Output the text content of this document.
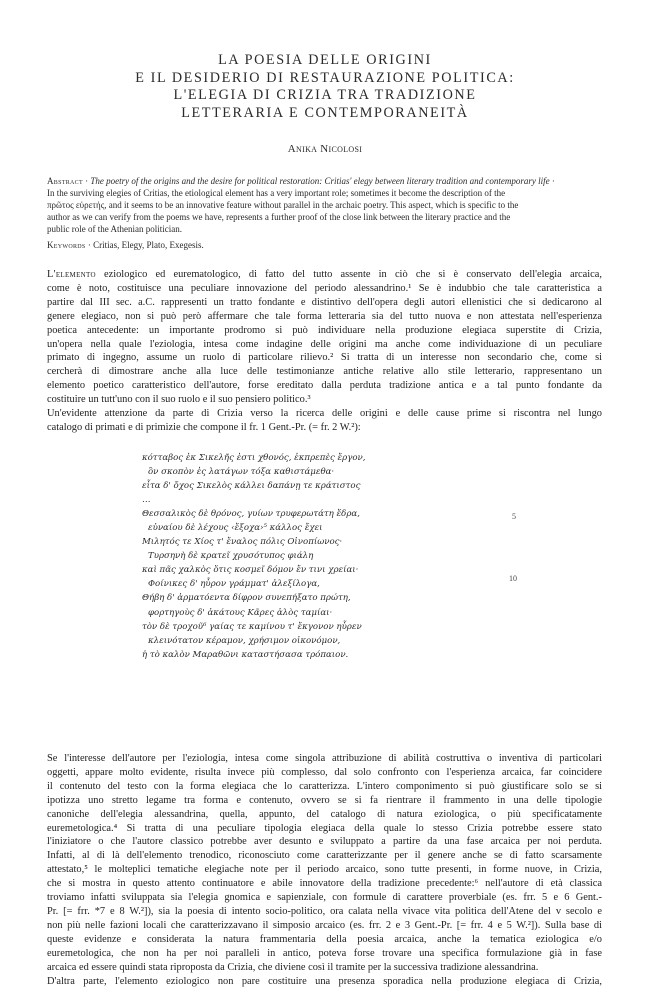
LA POESIA DELLE ORIGINI
E IL DESIDERIO DI RESTAURAZIONE POLITICA:
L'ELEGIA DI CRIZIA TRA TRADIZIONE
LETTERARIA E CONTEMPORANEITÀ
Anika Nicolosi
Abstract · The poetry of the origins and the desire for political restoration: Critias' elegy between literary tradition and contemporary life ·
In the surviving elegies of Critias, the etiological element has a very important role; sometimes it become the description of the
πρῶτος εὑρετής, and it seems to be an innovative feature without parallel in the archaic poetry. This aspect, which is specific to the
author as we can verify from the poems we have, represents a further proof of the close link between the literary practice and the
public role of the Athenian politician.
Keywords · Critias, Elegy, Plato, Exegesis.
L'elemento eziologico ed eurematologico, di fatto del tutto assente in ciò che si è conservato dell'elegia arcaica,
come è noto, costituisce una peculiare innovazione del periodo alessandrino.¹ Se è indubbio che tale caratteristica a
partire dal III sec. a.C. rappresenti un tratto fondante e distintivo dell'opera degli autori ellenistici che si dedicarono al
genere elegiaco, non si può però affermare che tale forma letteraria sia del tutto nuova e non attestata nell'esperienza
poetica antecedente: un importante prodromo si può individuare nella produzione elegiaca superstite di Crizia,
un'opera nella quale l'eziologia, intesa come indagine delle origini ma anche come individuazione di un peculiare
primato di ingegno, assume un ruolo di particolare rilievo.² Si tratta di un interesse non secondario che, come si
cercherà di dimostrare anche alla luce delle testimonianze antiche relative allo stile letterario, rappresentano un
elemento poetico caratteristico dell'autore, forse ereditato dalla perduta tradizione antica e a tal punto fondante da
costituire un tutt'uno con il suo ruolo e il suo pensiero politico.³
Un'evidente attenzione da parte di Crizia verso la ricerca delle origini e delle cause prime si riscontra nel lungo
catalogo di primati e di primizie che compone il fr. 1 Gent.-Pr. (= fr. 2 W.²):
κότταβος ἐκ Σικελῆς ἐστι χθονός, ἐκπρεπὲς ἔργον,
ὃν σκοπὸν ἐς λατάγων τόξα καθιστάμεθα·
εἶτα δ' ὄχος Σικελὸς κάλλει δαπάνῃ τε κράτιστος
…
Θεσσαλικὸς δὲ θρόνος, γυίων τρυφερωτάτη ἕδρα,
εὐναίου δὲ λέχους ‹ἔξοχα›⁵ κάλλος ἔχει
Μιλητός τε Χίος τ' ἔναλος πόλις Οἰνοπίωνος·
Τυρσηνὴ δὲ κρατεῖ χρυσότυπος φιάλη
καὶ πᾶς χαλκὸς ὅτις κοσμεῖ δόμον ἔν τινι χρείαι·
Φοίνικες δ' ηὗρον γράμματ' ἀλεξίλογα,
Θήβη δ' ἁρματόεντα δίφρον συνεπήξατο πρώτη,
φορτηγοὺς δ' ἀκάτους Κᾶρες ἁλὸς ταμίαι·
τὸν δὲ τροχοῦ⁶ γαίας τε καμίνου τ' ἔκγονον ηὗρεν
κλεινότατον κέραμον, χρήσιμον οἰκονόμον,
ἡ τὸ καλὸν Μαραθῶνι καταστήσασα τρόπαιον.
5
10
Se l'interesse dell'autore per l'eziologia, intesa come singola attribuzione di abilità costruttiva o inventiva di particolari
oggetti, appare molto evidente, risulta invece più complesso, dal solo confronto con l'esperienza arcaica, far coincidere
il contenuto del testo con la forma elegiaca che lo caratterizza. L'intero componimento si può giustificare solo se si
ipotizza uno stretto legame tra forma e contenuto, ovvero se si fa rientrare il frammento in una delle tipologie
canoniche dell'elegia alessandrina, quella, appunto, del catalogo di natura eziologica, o più specificatamente
euremetologica.⁴ Si tratta di una peculiare tipologia elegiaca della quale lo stesso Crizia potrebbe essere stato
l'iniziatore o che l'autore classico potrebbe aver desunto e sviluppato a partire da una fase arcaica per noi perduta.
Infatti, al di là dell'elemento trenodico, riconosciuto come caratterizzante per il genere anche se di fatto scarsamente
attestato,⁵ le molteplici tematiche elegiache note per il periodo arcaico, sono tutte presenti, in forme nuove, in Crizia,
che si mostra in questo attento continuatore e abile innovatore della tradizione precedente:⁶ nell'autore di età classica
troviamo infatti sviluppata sia l'elegia gnomica e sapienziale, con formule di carattere proverbiale (es. frr. 5 e 6 Gent.-
Pr. [= frr. *7 e 8 W.²]), sia la poesia di intento socio-politico, ora calata nella vivace vita politica dell'Atene del v secolo e
non più nelle fazioni locali che caratterizzavano il simposio arcaico (es. frr. 2 e 3 Gent.-Pr. [= frr. 4 e 5 W.²]). Sulla base di
queste evidenze e considerata la natura frammentaria della poesia arcaica, anche la tematica eziologica e/o
euremetologica, che non ha per noi paralleli in antico, poteva forse trovare una specifica formulazione già in fase
arcaica ed essere quindi stata riproposta da Crizia, che diviene così il tramite per la successiva tradizione alessandrina.
D'altra parte, l'elemento eziologico non pare costituire una presenza sporadica nella produzione elegiaca di Crizia,
